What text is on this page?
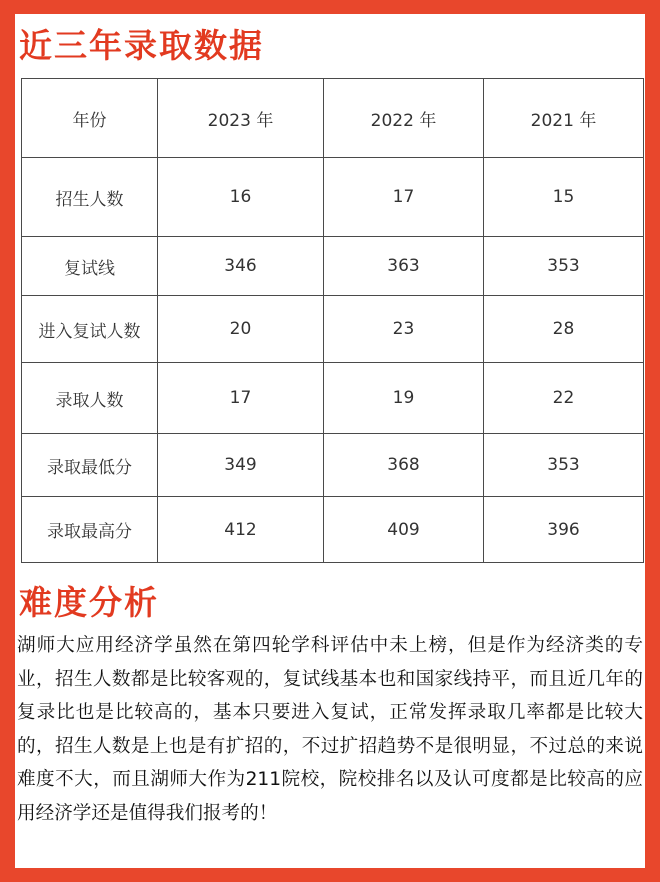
近三年录取数据
年份	2023 年	2022 年	2021 年
招生人数	16	17	15
复试线	346	363	353
进入复试人数	20	23	28
录取人数	17	19	22
录取最低分	349	368	353
录取最高分	412	409	396
难度分析

湖师大应用经济学虽然在第四轮学科评估中未上榜，但是作为经济类的专业，招生人数都是比较客观的，复试线基本也和国家线持平，而且近几年的复录比也是比较高的，基本只要进入复试，正常发挥录取几率都是比较大的，招生人数是上也是有扩招的，不过扩招趋势不是很明显，不过总的来说难度不大，而且湖师大作为211院校，院校排名以及认可度都是比较高的应用经济学还是值得我们报考的！
